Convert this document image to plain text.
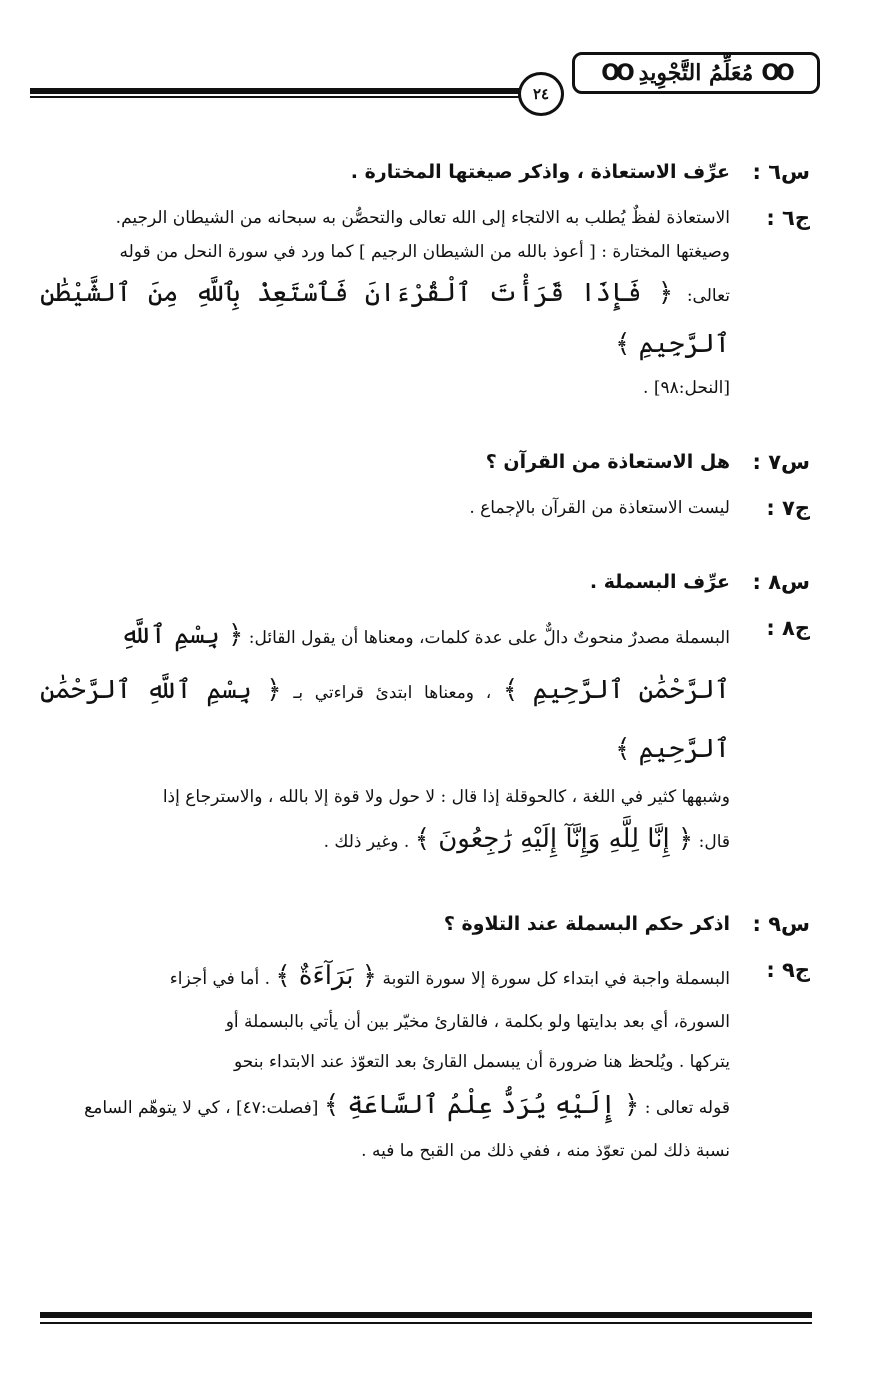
OO
مُعَلِّمُ التَّجْوِيدِ
OO
٢٤
س٦ :
عرِّف الاستعاذة ، واذكر صيغتها المختارة .
ج٦ :
الاستعاذة لفظٌ يُطلب به الالتجاء إلى الله تعالى والتحصُّن به سبحانه من الشيطان الرجيم.
وصيغتها المختارة : [ أعوذ بالله من الشيطان الرجيم ] كما ورد في سورة النحل من قوله
تعالى: ﴿ فَإِذَا قَرَأْتَ ٱلْقُرْءَانَ فَٱسْتَعِذْ بِٱللَّهِ مِنَ ٱلشَّيْطَٰنِ ٱلرَّجِيمِ ﴾
[النحل:٩٨] .
س٧ :
هل الاستعاذة من القرآن ؟
ج٧ :
ليست الاستعاذة من القرآن بالإجماع .
س٨ :
عرِّف البسملة .
ج٨ :
البسملة مصدرٌ منحوتٌ دالٌّ على عدة كلمات، ومعناها أن يقول القائل: ﴿ بِسْمِ ٱللَّهِ
ٱلرَّحْمَٰنِ ٱلرَّحِيمِ ﴾ ، ومعناها ابتدئ قراءتي بـ ﴿ بِسْمِ ٱللَّهِ ٱلرَّحْمَٰنِ ٱلرَّحِيمِ ﴾
وشبهها كثير في اللغة ، كالحوقلة إذا قال : لا حول ولا قوة إلا بالله ، والاسترجاع إذا
قال: ﴿ إِنَّا لِلَّهِ وَإِنَّآ إِلَيْهِ رَٰجِعُونَ ﴾ . وغير ذلك .
س٩ :
اذكر حكم البسملة عند التلاوة ؟
ج٩ :
البسملة واجبة في ابتداء كل سورة إلا سورة التوبة ﴿ بَرَآءَةٌ ﴾ . أما في أجزاء
السورة، أي بعد بدايتها ولو بكلمة ، فالقارئ مخيّر بين أن يأتي بالبسملة أو
يتركها . ويُلحظ هنا ضرورة أن يبسمل القارئ بعد التعوّذ عند الابتداء بنحو
قوله تعالى : ﴿ إِلَيْهِ يُرَدُّ عِلْمُ ٱلسَّاعَةِ ﴾ [فصلت:٤٧] ، كي لا يتوهّم السامع
نسبة ذلك لمن تعوّذ منه ، ففي ذلك من القبح ما فيه .
